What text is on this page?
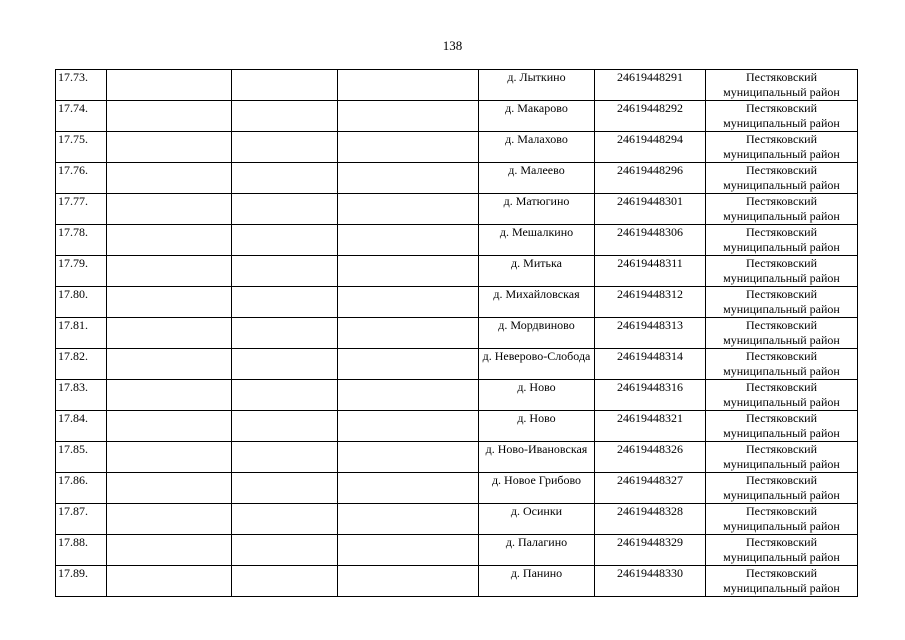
138
17.73.				д. Лыткино	24619448291	Пестяковский муниципальный район
17.74.				д. Макарово	24619448292	Пестяковский муниципальный район
17.75.				д. Малахово	24619448294	Пестяковский муниципальный район
17.76.				д. Малеево	24619448296	Пестяковский муниципальный район
17.77.				д. Матюгино	24619448301	Пестяковский муниципальный район
17.78.				д. Мешалкино	24619448306	Пестяковский муниципальный район
17.79.				д. Митька	24619448311	Пестяковский муниципальный район
17.80.				д. Михайловская	24619448312	Пестяковский муниципальный район
17.81.				д. Мордвиново	24619448313	Пестяковский муниципальный район
17.82.				д. Неверово-Слобода	24619448314	Пестяковский муниципальный район
17.83.				д. Ново	24619448316	Пестяковский муниципальный район
17.84.				д. Ново	24619448321	Пестяковский муниципальный район
17.85.				д. Ново-Ивановская	24619448326	Пестяковский муниципальный район
17.86.				д. Новое Грибово	24619448327	Пестяковский муниципальный район
17.87.				д. Осинки	24619448328	Пестяковский муниципальный район
17.88.				д. Палагино	24619448329	Пестяковский муниципальный район
17.89.				д. Панино	24619448330	Пестяковский муниципальный район
